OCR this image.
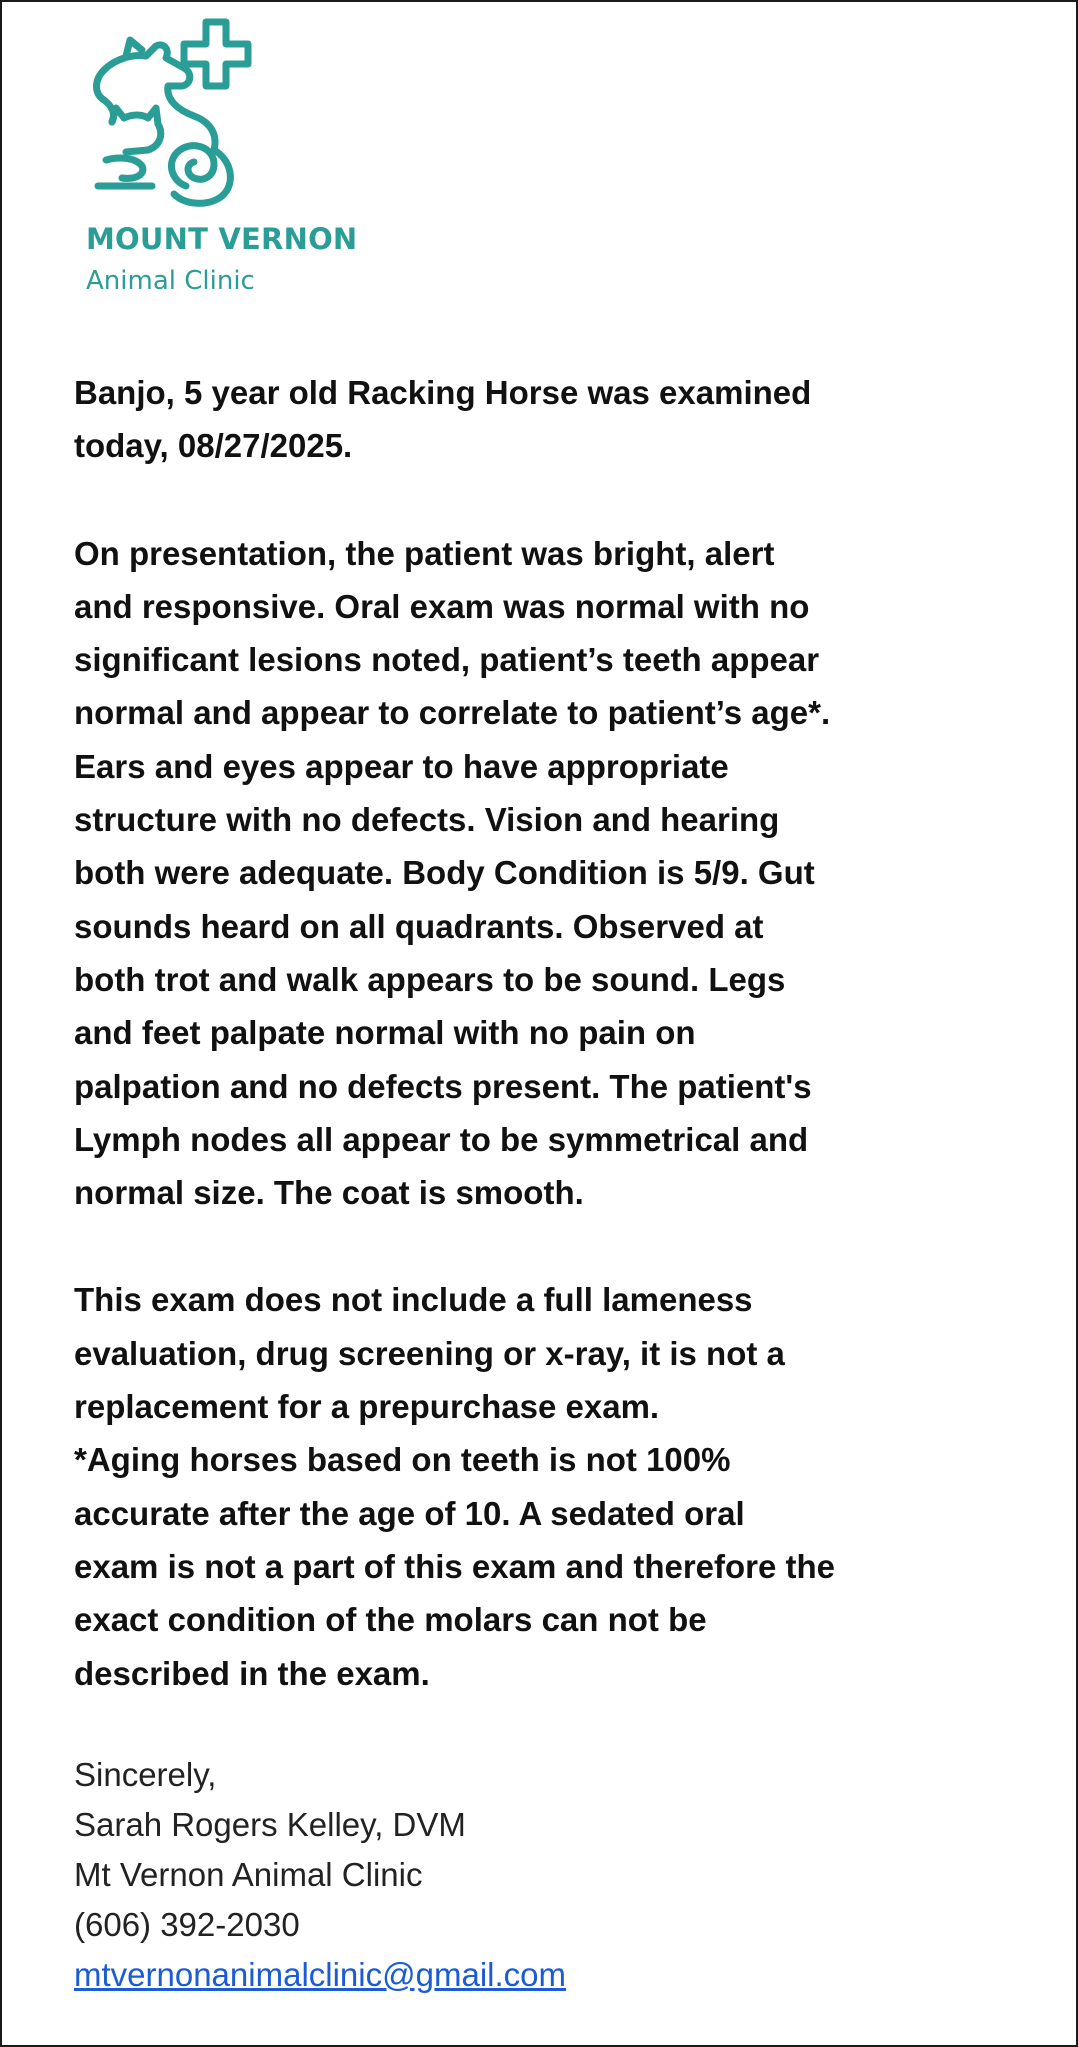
MOUNT VERNON
Animal Clinic
Banjo, 5 year old Racking Horse was examined
today, 08/27/2025.
On presentation, the patient was bright, alert
and responsive. Oral exam was normal with no
significant lesions noted, patient’s teeth appear
normal and appear to correlate to patient’s age*.
Ears and eyes appear to have appropriate
structure with no defects. Vision and hearing
both were adequate. Body Condition is 5/9. Gut
sounds heard on all quadrants. Observed at
both trot and walk appears to be sound. Legs
and feet palpate normal with no pain on
palpation and no defects present. The patient's
Lymph nodes all appear to be symmetrical and
normal size. The coat is smooth.
This exam does not include a full lameness
evaluation, drug screening or x-ray, it is not a
replacement for a prepurchase exam.
*Aging horses based on teeth is not 100%
accurate after the age of 10. A sedated oral
exam is not a part of this exam and therefore the
exact condition of the molars can not be
described in the exam.
Sincerely,
Sarah Rogers Kelley, DVM
Mt Vernon Animal Clinic
(606) 392-2030
mtvernonanimalclinic@gmail.com
